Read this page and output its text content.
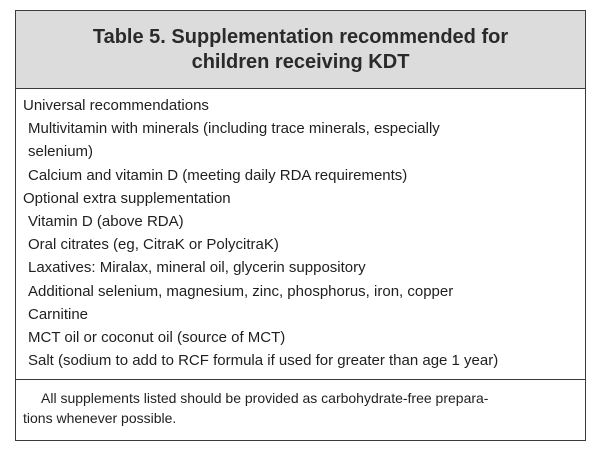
Table 5. Supplementation recommended for
children receiving KDT
Universal recommendations
Multivitamin with minerals (including trace minerals, especially
selenium)
Calcium and vitamin D (meeting daily RDA requirements)
Optional extra supplementation
Vitamin D (above RDA)
Oral citrates (eg, CitraK or PolycitraK)
Laxatives: Miralax, mineral oil, glycerin suppository
Additional selenium, magnesium, zinc, phosphorus, iron, copper
Carnitine
MCT oil or coconut oil (source of MCT)
Salt (sodium to add to RCF formula if used for greater than age 1 year)
All supplements listed should be provided as carbohydrate-free prepara-
tions whenever possible.
